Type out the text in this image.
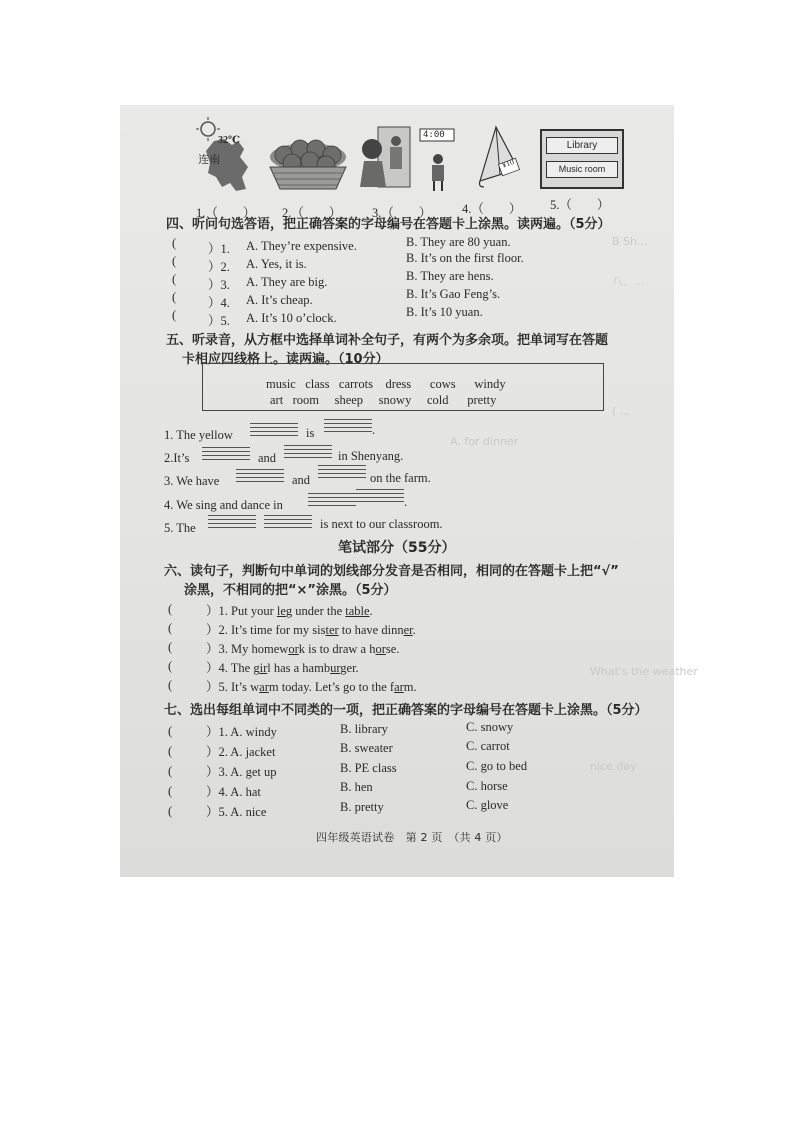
B Sh...
八、...
( ...
A. for dinner
What's the weather
nice day
32℃
连南
4:00
¥10
Library
Music room
1.（　　） 2.（　　） 3.（　　） 4.（　　） 5.（　　）
四、听问句选答语，把正确答案的字母编号在答题卡上涂黑。读两遍。（5分）
(	）1. A. They’re expensive.	B. They are 80 yuan.
(	）2. A. Yes, it is.	B. It’s on the first floor.
(	）3. A. They are big.	B. They are hens.
(	）4. A. It’s cheap.	B. It’s Gao Feng’s.
(	）5. A. It’s 10 o’clock.	B. It’s 10 yuan.
五、听录音，从方框中选择单词补全句子，有两个为多余项。把单词写在答题
卡相应四线格上。读两遍。（10分）
music class carrots dress cows windy
art room sheep snowy cold pretty
1. The yellow	is	.
2.It’s	and	in Shenyang.
3. We have	and	on the farm.
4. We sing and dance in	.
5. The	is next to our classroom.
笔试部分（55分）
六、读句子，判断句中单词的划线部分发音是否相同，相同的在答题卡上把“√”
涂黑，不相同的把“×”涂黑。（5分）
(	）1. Put your leg under the table.
(	）2. It’s time for my sister to have dinner.
(	）3. My homework is to draw a horse.
(	）4. The girl has a hamburger.
(	）5. It’s warm today. Let’s go to the farm.
七、选出每组单词中不同类的一项，把正确答案的字母编号在答题卡上涂黑。（5分）
(	）1. A. windy	B. library	C. snowy
(	）2. A. jacket	B. sweater	C. carrot
(	）3. A. get up	B. PE class	C. go to bed
(	）4. A. hat	B. hen	C. horse
(	）5. A. nice	B. pretty	C. glove
四年级英语试卷　第 2 页　（共 4 页）
